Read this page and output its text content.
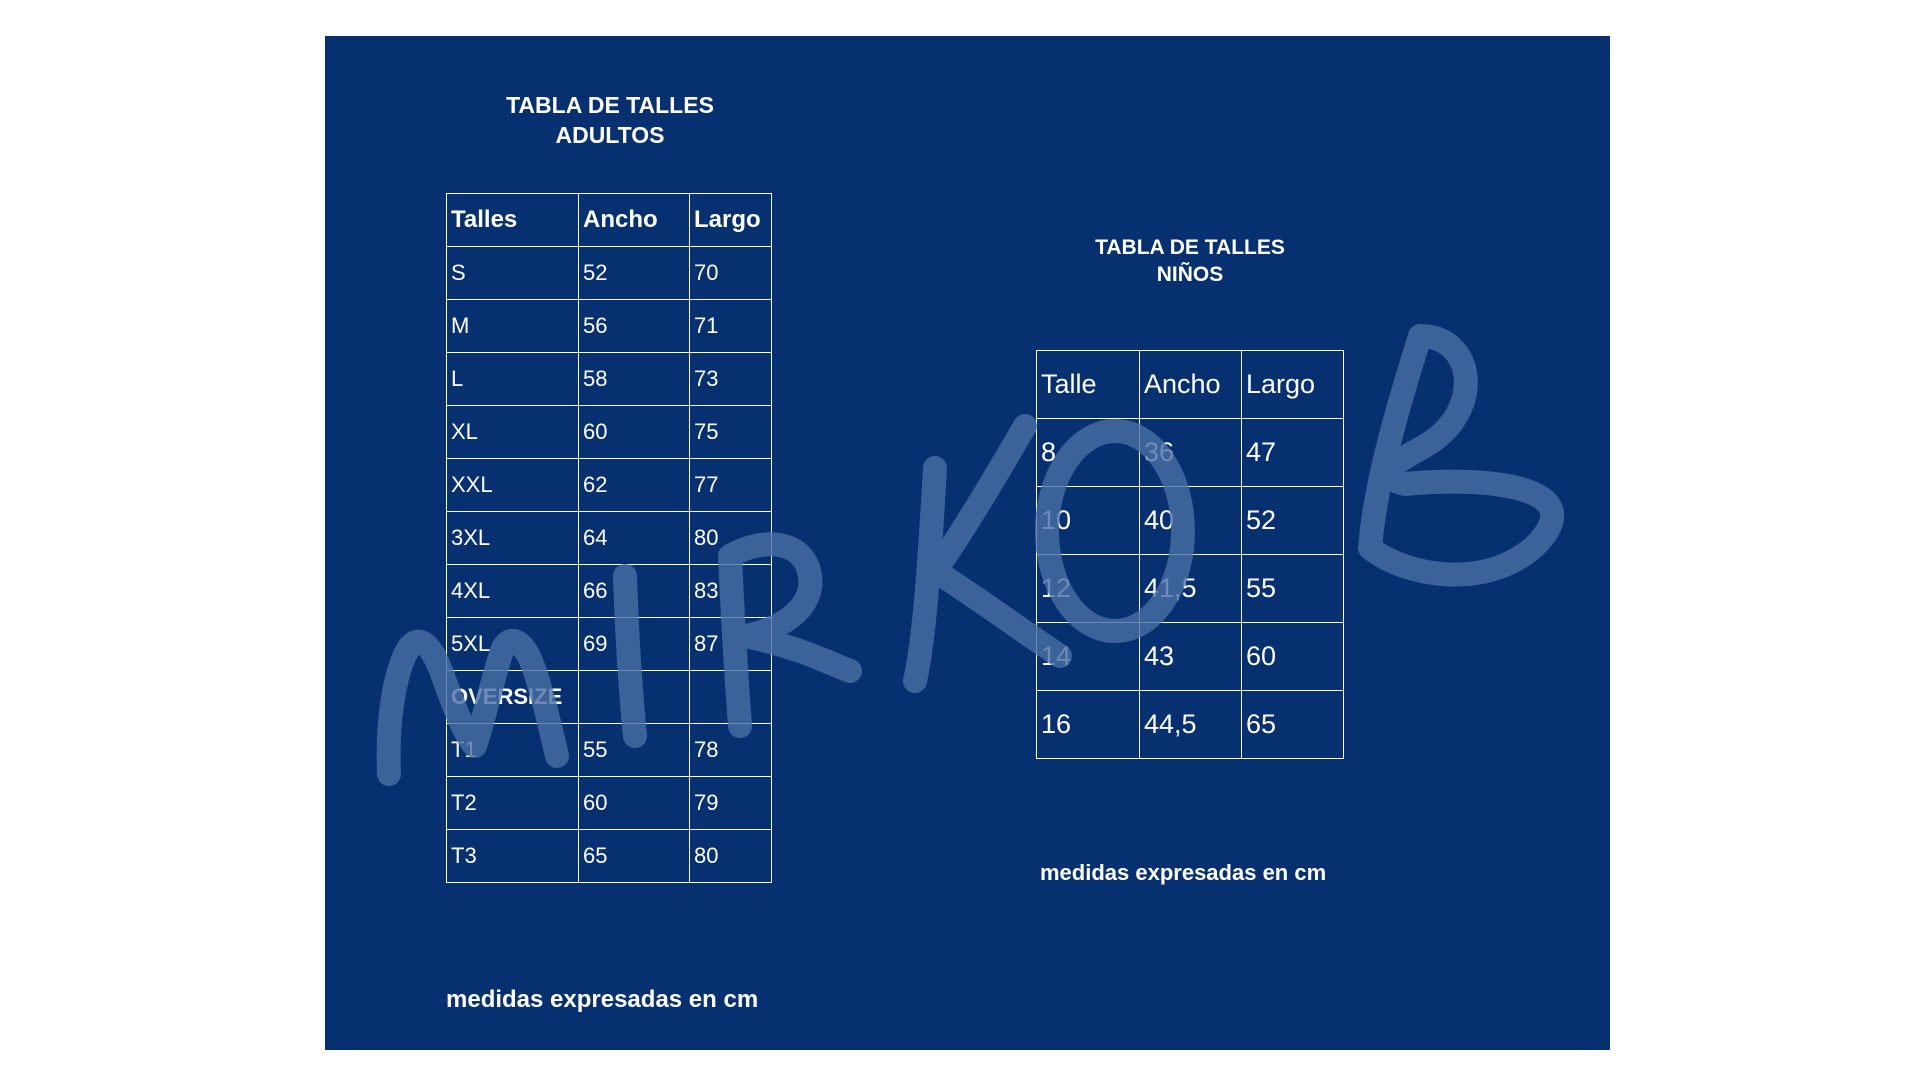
TABLA DE TALLES
ADULTOS
Talles	Ancho	Largo
S	52	70
M	56	71
L	58	73
XL	60	75
XXL	62	77
3XL	64	80
4XL	66	83
5XL	69	87
OVERSIZE		
T1	55	78
T2	60	79
T3	65	80
medidas expresadas en cm
TABLA DE TALLES
NIÑOS
Talle	Ancho	Largo
8	36	47
10	40	52
12	41,5	55
14	43	60
16	44,5	65
medidas expresadas en cm
